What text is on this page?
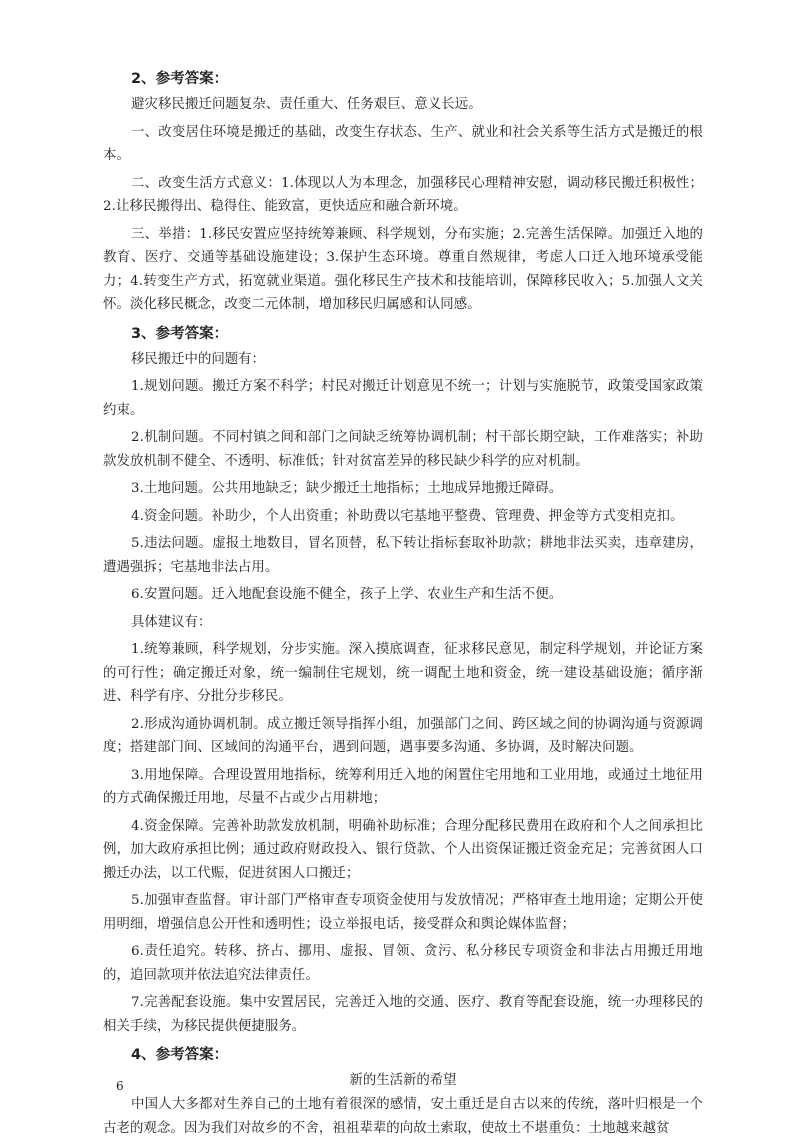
2、参考答案：

避灾移民搬迁问题复杂、责任重大、任务艰巨、意义长远。

一、改变居住环境是搬迁的基础，改变生存状态、生产、就业和社会关系等生活方式是搬迁的根本。

二、改变生活方式意义：1.体现以人为本理念，加强移民心理精神安慰，调动移民搬迁积极性；2.让移民搬得出、稳得住、能致富，更快适应和融合新环境。

三、举措：1.移民安置应坚持统筹兼顾、科学规划，分布实施；2.完善生活保障。加强迁入地的教育、医疗、交通等基础设施建设；3.保护生态环境。尊重自然规律，考虑人口迁入地环境承受能力；4.转变生产方式，拓宽就业渠道。强化移民生产技术和技能培训，保障移民收入；5.加强人文关怀。淡化移民概念，改变二元体制，增加移民归属感和认同感。

3、参考答案：

移民搬迁中的问题有：

1.规划问题。搬迁方案不科学；村民对搬迁计划意见不统一；计划与实施脱节，政策受国家政策约束。

2.机制问题。不同村镇之间和部门之间缺乏统筹协调机制；村干部长期空缺，工作难落实；补助款发放机制不健全、不透明、标准低；针对贫富差异的移民缺少科学的应对机制。

3.土地问题。公共用地缺乏；缺少搬迁土地指标；土地成异地搬迁障碍。

4.资金问题。补助少，个人出资重；补助费以宅基地平整费、管理费、押金等方式变相克扣。

5.违法问题。虚报土地数目，冒名顶替，私下转让指标套取补助款；耕地非法买卖，违章建房，遭遇强拆；宅基地非法占用。

6.安置问题。迁入地配套设施不健全，孩子上学、农业生产和生活不便。

具体建议有：

1.统筹兼顾，科学规划，分步实施。深入摸底调查，征求移民意见，制定科学规划，并论证方案的可行性；确定搬迁对象，统一编制住宅规划，统一调配土地和资金，统一建设基础设施；循序渐进、科学有序、分批分步移民。

2.形成沟通协调机制。成立搬迁领导指挥小组，加强部门之间、跨区域之间的协调沟通与资源调度；搭建部门间、区域间的沟通平台，遇到问题，遇事要多沟通、多协调，及时解决问题。

3.用地保障。合理设置用地指标，统筹利用迁入地的闲置住宅用地和工业用地，或通过土地征用的方式确保搬迁用地，尽量不占或少占用耕地；

4.资金保障。完善补助款发放机制，明确补助标准；合理分配移民费用在政府和个人之间承担比例，加大政府承担比例；通过政府财政投入、银行贷款、个人出资保证搬迁资金充足；完善贫困人口搬迁办法，以工代赈，促进贫困人口搬迁；

5.加强审查监督。审计部门严格审查专项资金使用与发放情况；严格审查土地用途；定期公开使用明细，增强信息公开性和透明性；设立举报电话，接受群众和舆论媒体监督；

6.责任追究。转移、挤占、挪用、虚报、冒领、贪污、私分移民专项资金和非法占用搬迁用地的，追回款项并依法追究法律责任。

7.完善配套设施。集中安置居民，完善迁入地的交通、医疗、教育等配套设施，统一办理移民的相关手续，为移民提供便捷服务。

4、参考答案：

新的生活新的希望

中国人大多都对生养自己的土地有着很深的感情，安土重迁是自古以来的传统，落叶归根是一个古老的观念。因为我们对故乡的不舍，祖祖辈辈的向故土索取，使故土不堪重负：土地越来越贫

6
